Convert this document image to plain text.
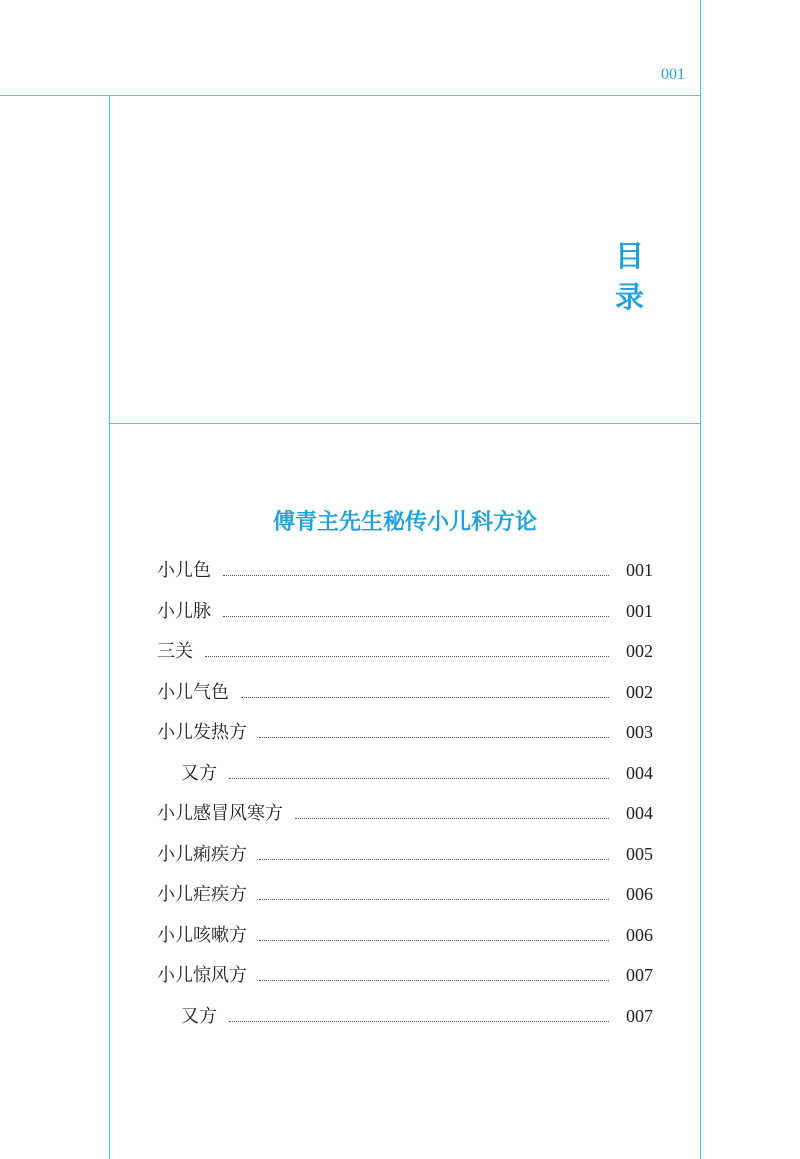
001
目录
傅青主先生秘传小儿科方论
小儿色	001
小儿脉	001
三关	002
小儿气色	002
小儿发热方	003
又方	004
小儿感冒风寒方	004
小儿痢疾方	005
小儿疟疾方	006
小儿咳嗽方	006
小儿惊风方	007
又方	007
